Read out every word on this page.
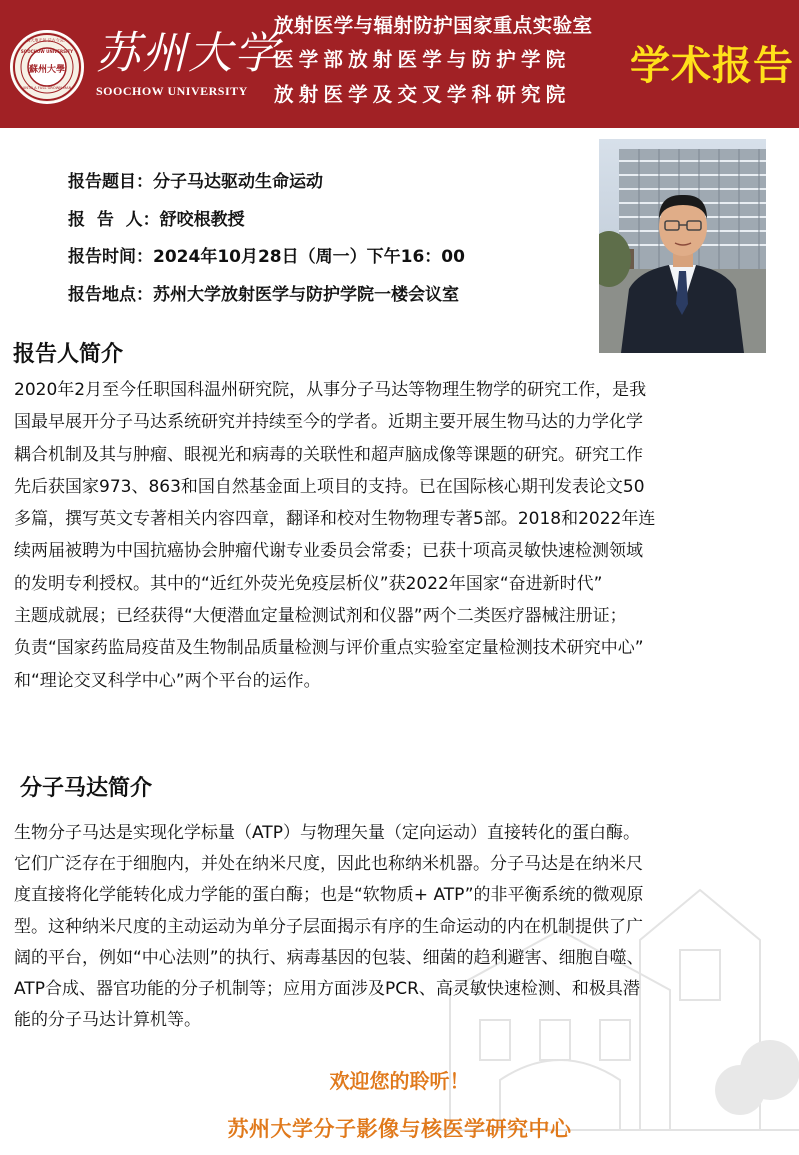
蘇州大學
SOOCHOW UNIVERSITY
UNTO A FULL GROWN MAN
養天地正氣 法古今完人 苏州大学
SOOCHOW UNIVERSITY
放射医学与辐射防护国家重点实验室
医学部放射医学与防护学院
放射医学及交叉学科研究院
学术报告
报告题目：分子马达驱动生命运动
报  告  人：舒咬根教授
报告时间：2024年10月28日（周一）下午16：00
报告地点：苏州大学放射医学与防护学院一楼会议室
报告人简介
2020年2月至今任职国科温州研究院，从事分子马达等物理生物学的研究工作，是我
国最早展开分子马达系统研究并持续至今的学者。近期主要开展生物马达的力学化学
耦合机制及其与肿瘤、眼视光和病毒的关联性和超声脑成像等课题的研究。研究工作
先后获国家973、863和国自然基金面上项目的支持。已在国际核心期刊发表论文50
多篇，撰写英文专著相关内容四章，翻译和校对生物物理专著5部。2018和2022年连
续两届被聘为中国抗癌协会肿瘤代谢专业委员会常委；已获十项高灵敏快速检测领域
的发明专利授权。其中的“近红外荧光免疫层析仪”获2022年国家“奋进新时代”
主题成就展；已经获得“大便潜血定量检测试剂和仪器”两个二类医疗器械注册证；
负责“国家药监局疫苗及生物制品质量检测与评价重点实验室定量检测技术研究中心”
和“理论交叉科学中心”两个平台的运作。
分子马达简介
生物分子马达是实现化学标量（ATP）与物理矢量（定向运动）直接转化的蛋白酶。
它们广泛存在于细胞内，并处在纳米尺度，因此也称纳米机器。分子马达是在纳米尺
度直接将化学能转化成力学能的蛋白酶；也是“软物质+ ATP”的非平衡系统的微观原
型。这种纳米尺度的主动运动为单分子层面揭示有序的生命运动的内在机制提供了广
阔的平台，例如“中心法则”的执行、病毒基因的包装、细菌的趋利避害、细胞自噬、
ATP合成、器官功能的分子机制等；应用方面涉及PCR、高灵敏快速检测、和极具潜
能的分子马达计算机等。
欢迎您的聆听！
苏州大学分子影像与核医学研究中心
